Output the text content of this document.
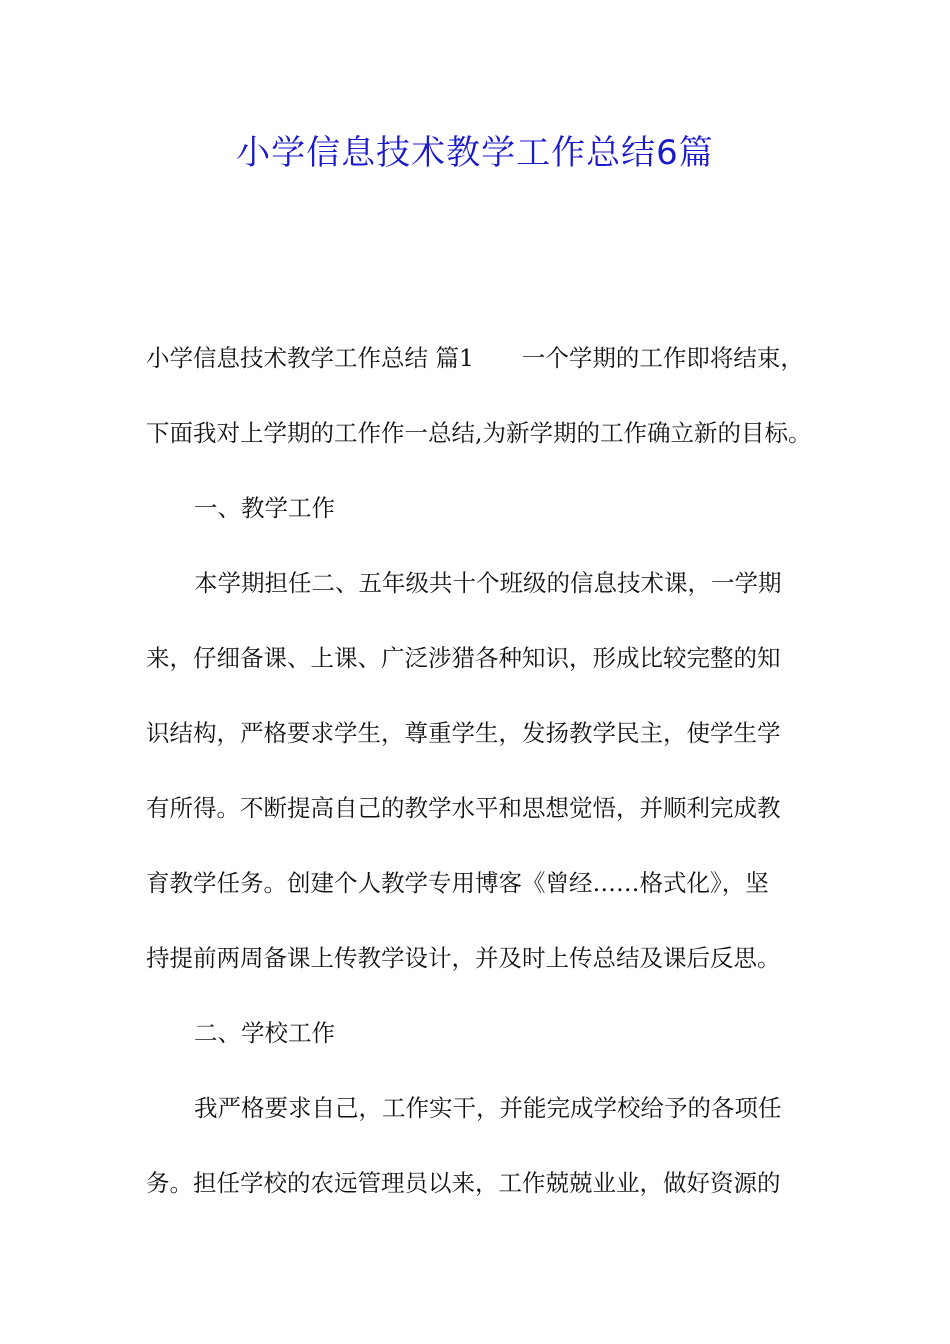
小学信息技术教学工作总结6篇

小学信息技术教学工作总结 篇1 一个学期的工作即将结束，

下面我对上学期的工作作一总结,为新学期的工作确立新的目标。

一、教学工作

本学期担任二、五年级共十个班级的信息技术课，一学期

来，仔细备课、上课、广泛涉猎各种知识，形成比较完整的知

识结构，严格要求学生，尊重学生，发扬教学民主，使学生学

有所得。不断提高自己的教学水平和思想觉悟，并顺利完成教

育教学任务。创建个人教学专用博客《曾经……格式化》，坚

持提前两周备课上传教学设计，并及时上传总结及课后反思。

二、学校工作

我严格要求自己，工作实干，并能完成学校给予的各项任

务。担任学校的农远管理员以来，工作兢兢业业，做好资源的
